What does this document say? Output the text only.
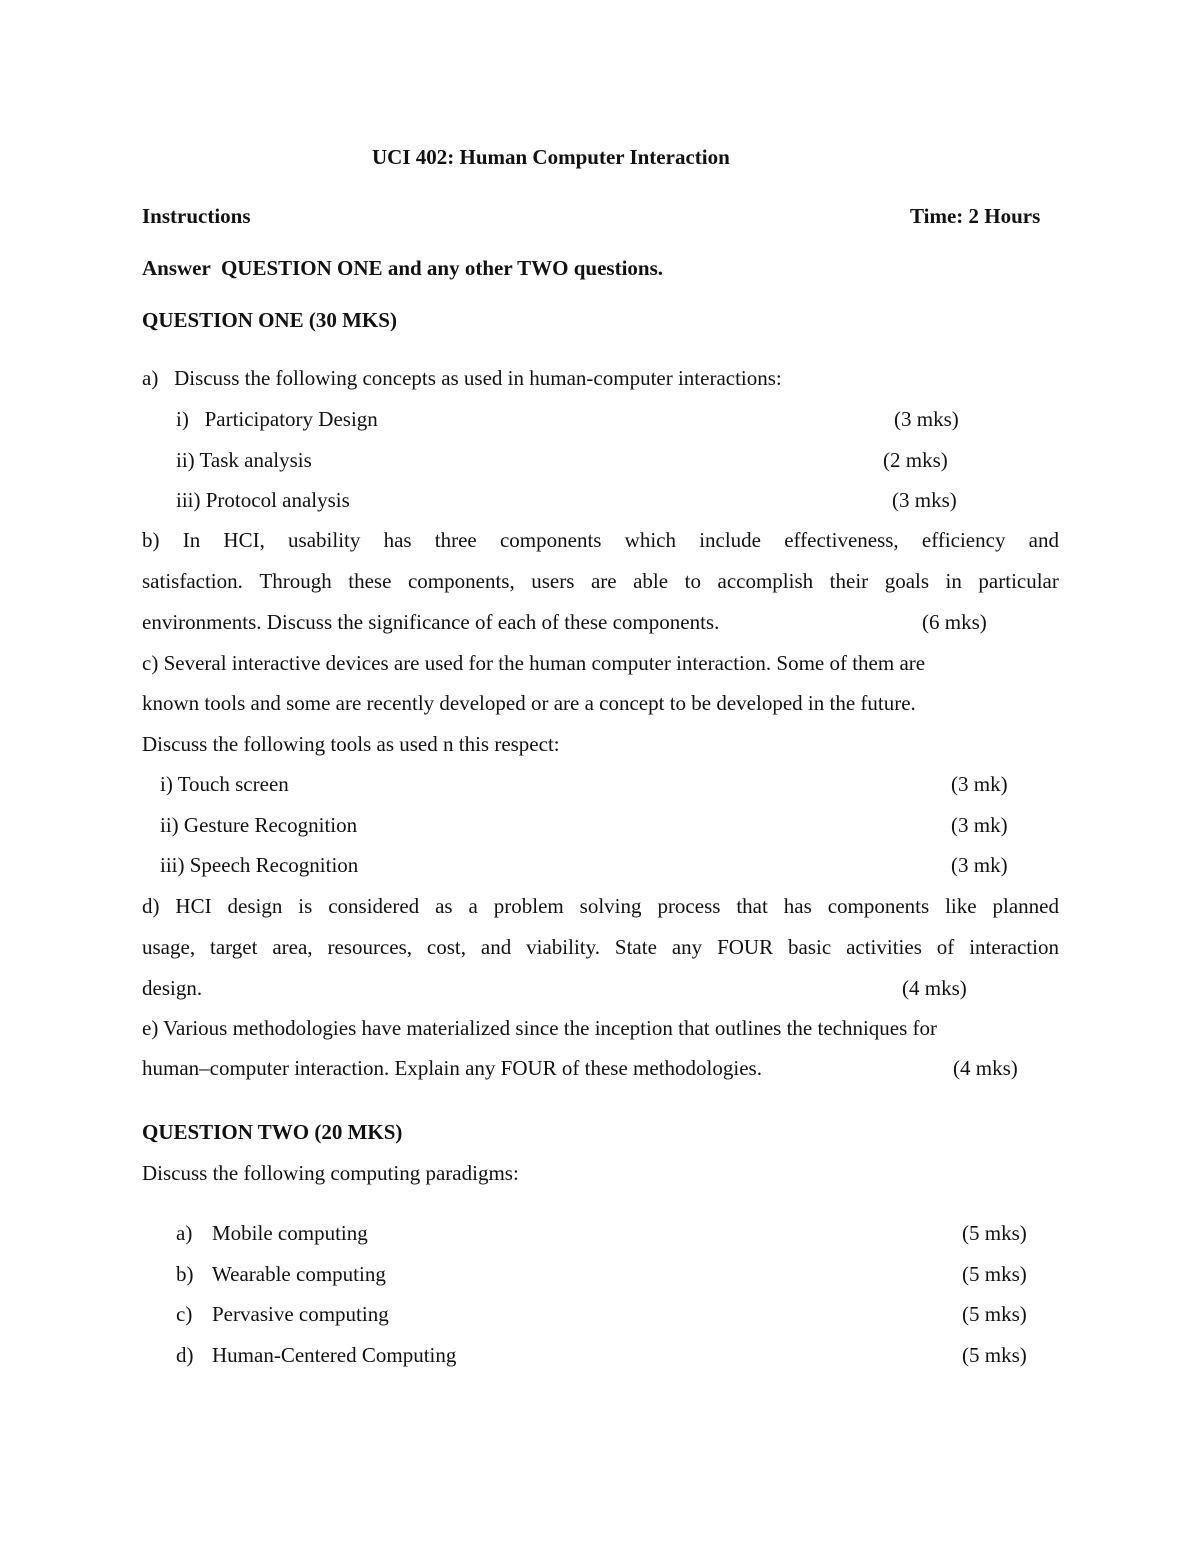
UCI 402: Human Computer Interaction
Instructions	Time: 2 Hours
Answer  QUESTION ONE and any other TWO questions.
QUESTION ONE (30 MKS)
a)   Discuss the following concepts as used in human-computer interactions:
i)   Participatory Design	(3 mks)
ii) Task analysis	(2 mks)
iii) Protocol analysis	(3 mks)
b) In HCI, usability has three components which include effectiveness, efficiency and
satisfaction. Through these components, users are able to accomplish their goals in particular
environments. Discuss the significance of each of these components.	(6 mks)
c) Several interactive devices are used for the human computer interaction. Some of them are
known tools and some are recently developed or are a concept to be developed in the future.
Discuss the following tools as used n this respect:
i) Touch screen	(3 mk)
ii) Gesture Recognition	(3 mk)
iii) Speech Recognition	(3 mk)
d) HCI design is considered as a problem solving process that has components like planned
usage, target area, resources, cost, and viability. State any FOUR basic activities of interaction
design.	(4 mks)
e) Various methodologies have materialized since the inception that outlines the techniques for
human–computer interaction. Explain any FOUR of these methodologies.	(4 mks)
QUESTION TWO (20 MKS)
Discuss the following computing paradigms:
a) Mobile computing	(5 mks)
b) Wearable computing	(5 mks)
c) Pervasive computing	(5 mks)
d) Human-Centered Computing	(5 mks)
